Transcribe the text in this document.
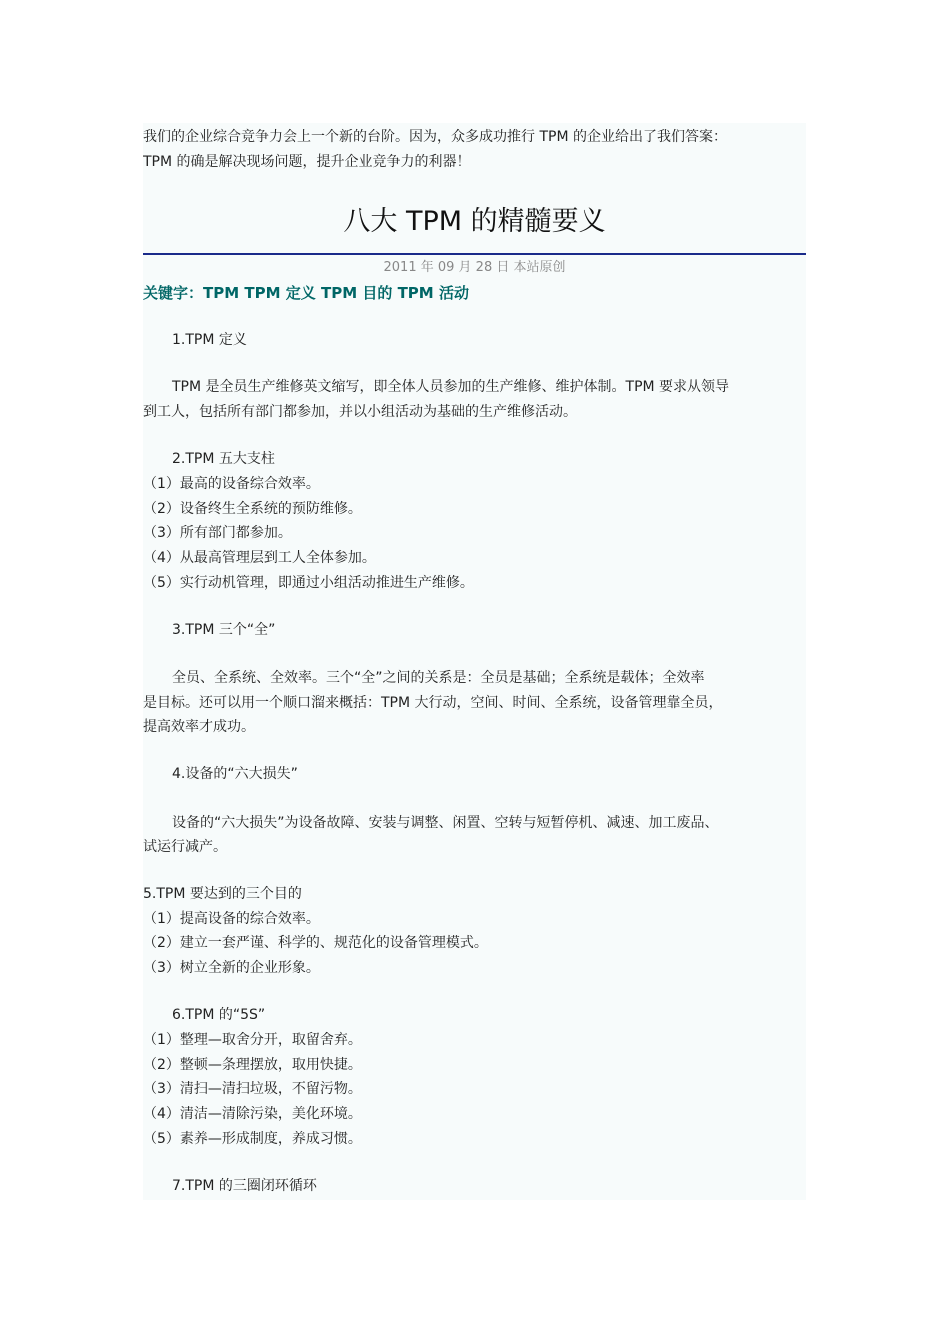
我们的企业综合竞争力会上一个新的台阶。因为，众多成功推行 TPM 的企业给出了我们答案：

TPM 的确是解决现场问题，提升企业竞争力的利器！

八大 TPM 的精髓要义
2011 年 09 月 28 日 本站原创
关键字：TPM TPM 定义 TPM 目的 TPM 活动

1.TPM 定义

TPM 是全员生产维修英文缩写，即全体人员参加的生产维修、维护体制。TPM 要求从领导

到工人，包括所有部门都参加，并以小组活动为基础的生产维修活动。

2.TPM 五大支柱

（1）最高的设备综合效率。

（2）设备终生全系统的预防维修。

（3）所有部门都参加。

（4）从最高管理层到工人全体参加。

（5）实行动机管理，即通过小组活动推进生产维修。

3.TPM 三个“全”

全员、全系统、全效率。三个“全”之间的关系是：全员是基础；全系统是载体；全效率

是目标。还可以用一个顺口溜来概括：TPM 大行动，空间、时间、全系统，设备管理靠全员，

提高效率才成功。

4.设备的“六大损失”

设备的“六大损失”为设备故障、安装与调整、闲置、空转与短暂停机、减速、加工废品、

试运行减产。

5.TPM 要达到的三个目的

（1）提高设备的综合效率。

（2）建立一套严谨、科学的、规范化的设备管理模式。

（3）树立全新的企业形象。

6.TPM 的“5S”

（1）整理—取舍分开，取留舍弃。

（2）整顿—条理摆放，取用快捷。

（3）清扫—清扫垃圾，不留污物。

（4）清洁—清除污染，美化环境。

（5）素养—形成制度，养成习惯。

7.TPM 的三圈闭环循环
